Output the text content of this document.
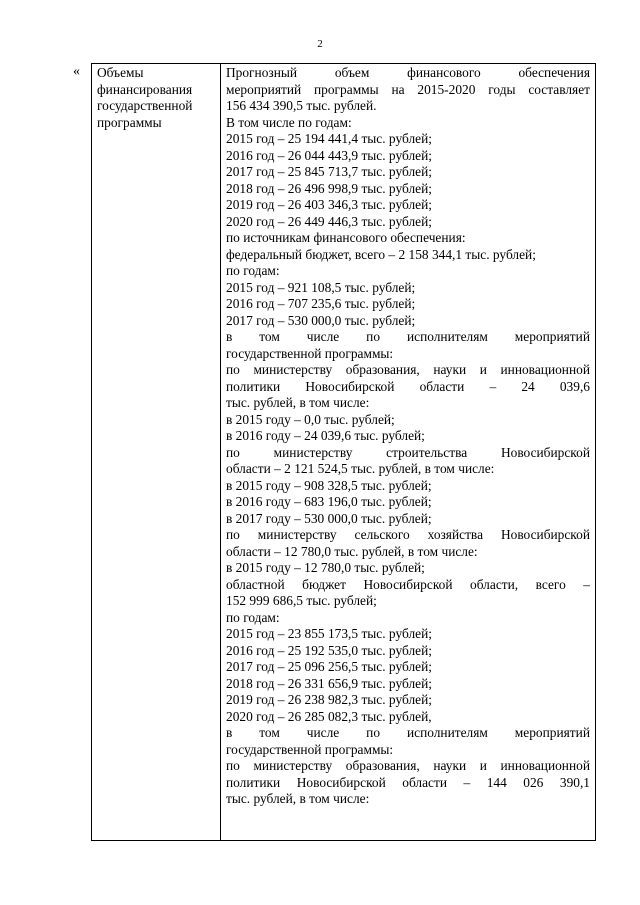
2
«	Объемы финансирования государственной программы

Прогнозный объем финансового обеспечения

мероприятий программы на 2015-2020 годы составляет

156 434 390,5 тыс. рублей.

В том числе по годам:

2015 год – 25 194 441,4 тыс. рублей;

2016 год – 26 044 443,9 тыс. рублей;

2017 год – 25 845 713,7 тыс. рублей;

2018 год – 26 496 998,9 тыс. рублей;

2019 год – 26 403 346,3 тыс. рублей;

2020 год – 26 449 446,3 тыс. рублей;

по источникам финансового обеспечения:

федеральный бюджет, всего – 2 158 344,1 тыс. рублей;

по годам:

2015 год – 921 108,5 тыс. рублей;

2016 год – 707 235,6 тыс. рублей;

2017 год – 530 000,0 тыс. рублей;

в том числе по исполнителям мероприятий

государственной программы:

по министерству образования, науки и инновационной

политики Новосибирской области – 24 039,6

тыс. рублей, в том числе:

в 2015 году – 0,0 тыс. рублей;

в 2016 году – 24 039,6 тыс. рублей;

по министерству строительства Новосибирской

области – 2 121 524,5 тыс. рублей, в том числе:

в 2015 году – 908 328,5 тыс. рублей;

в 2016 году – 683 196,0 тыс. рублей;

в 2017 году – 530 000,0 тыс. рублей;

по министерству сельского хозяйства Новосибирской

области – 12 780,0 тыс. рублей, в том числе:

в 2015 году – 12 780,0 тыс. рублей;

областной бюджет Новосибирской области, всего –

152 999 686,5 тыс. рублей;

по годам:

2015 год – 23 855 173,5 тыс. рублей;

2016 год – 25 192 535,0 тыс. рублей;

2017 год – 25 096 256,5 тыс. рублей;

2018 год – 26 331 656,9 тыс. рублей;

2019 год – 26 238 982,3 тыс. рублей;

2020 год – 26 285 082,3 тыс. рублей,

в том числе по исполнителям мероприятий

государственной программы:

по министерству образования, науки и инновационной

политики Новосибирской области – 144 026 390,1

тыс. рублей, в том числе:
